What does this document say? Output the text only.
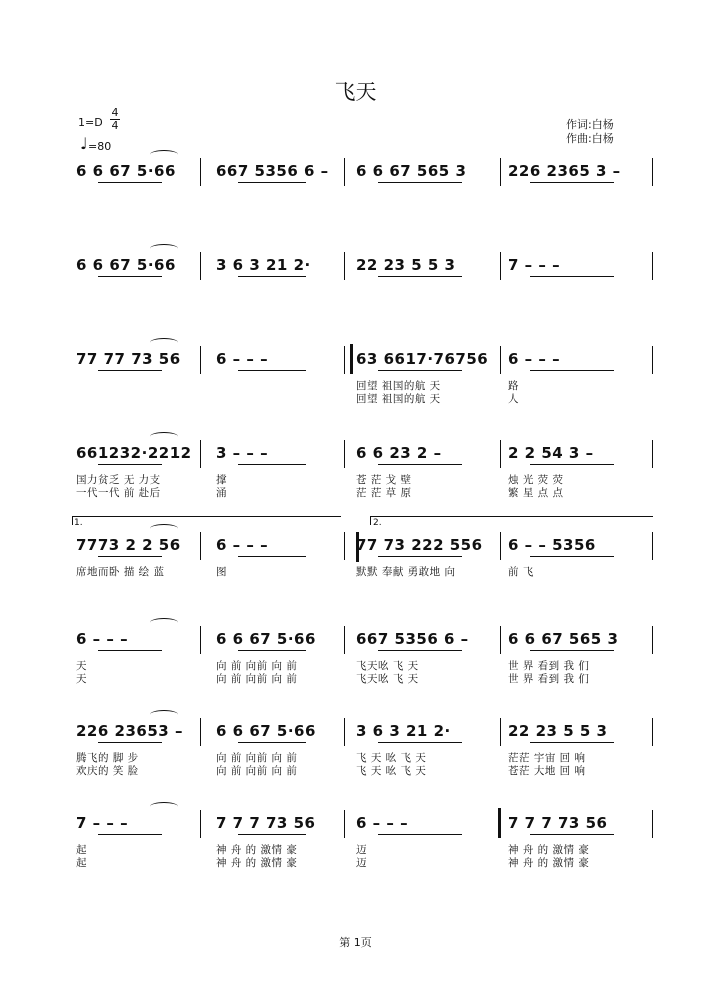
飞天
1=D
4
4
♩ =80
作词:白杨
作曲:白杨
6 6 67 5·66	667 5356 6 – 6 6 67 565 3	226 2365 3 –
6 6 67 5·66	3 6 3 21 2·	22 23 5 5 3	7 – – –
77 77 73 56 6 – – –	63 6617·76756
回望 祖国的航 天
回望 祖国的航 天
6 – – –
路
人
661232·2212
国力贫乏 无 力支
一代一代 前 赴后
3 – – –
撑
涌
6 6 23 2 –
苍 茫 戈 壁
茫 茫 草 原
2 2 54 3 –
烛 光 荧 荧
繁 星 点 点
7773 2 2 56
席地而卧 描 绘 蓝
6 – – –
图
77 73 222 556
默默 奉献 勇敢地 向
6 – – 5356
前 飞
6 – – –
天
天
6 6 67 5·66
向 前 向前 向 前
向 前 向前 向 前
667 5356 6 –
飞天吆 飞 天
飞天吆 飞 天
6 6 67 565 3
世 界 看到 我 们
世 界 看到 我 们
226 23653 –
腾飞的 脚 步
欢庆的 笑 脸
6 6 67 5·66
向 前 向前 向 前
向 前 向前 向 前
3 6 3 21 2·
飞 天 吆 飞 天
飞 天 吆 飞 天
22 23 5 5 3
茫茫 宇宙 回 响
苍茫 大地 回 响
7 – – –
起
起
7 7 7 73 56
神 舟 的 激情 豪
神 舟 的 激情 豪
6 – – –
迈
迈
7 7 7 73 56
神 舟 的 激情 豪
神 舟 的 激情 豪
1.	2.
第 1页
